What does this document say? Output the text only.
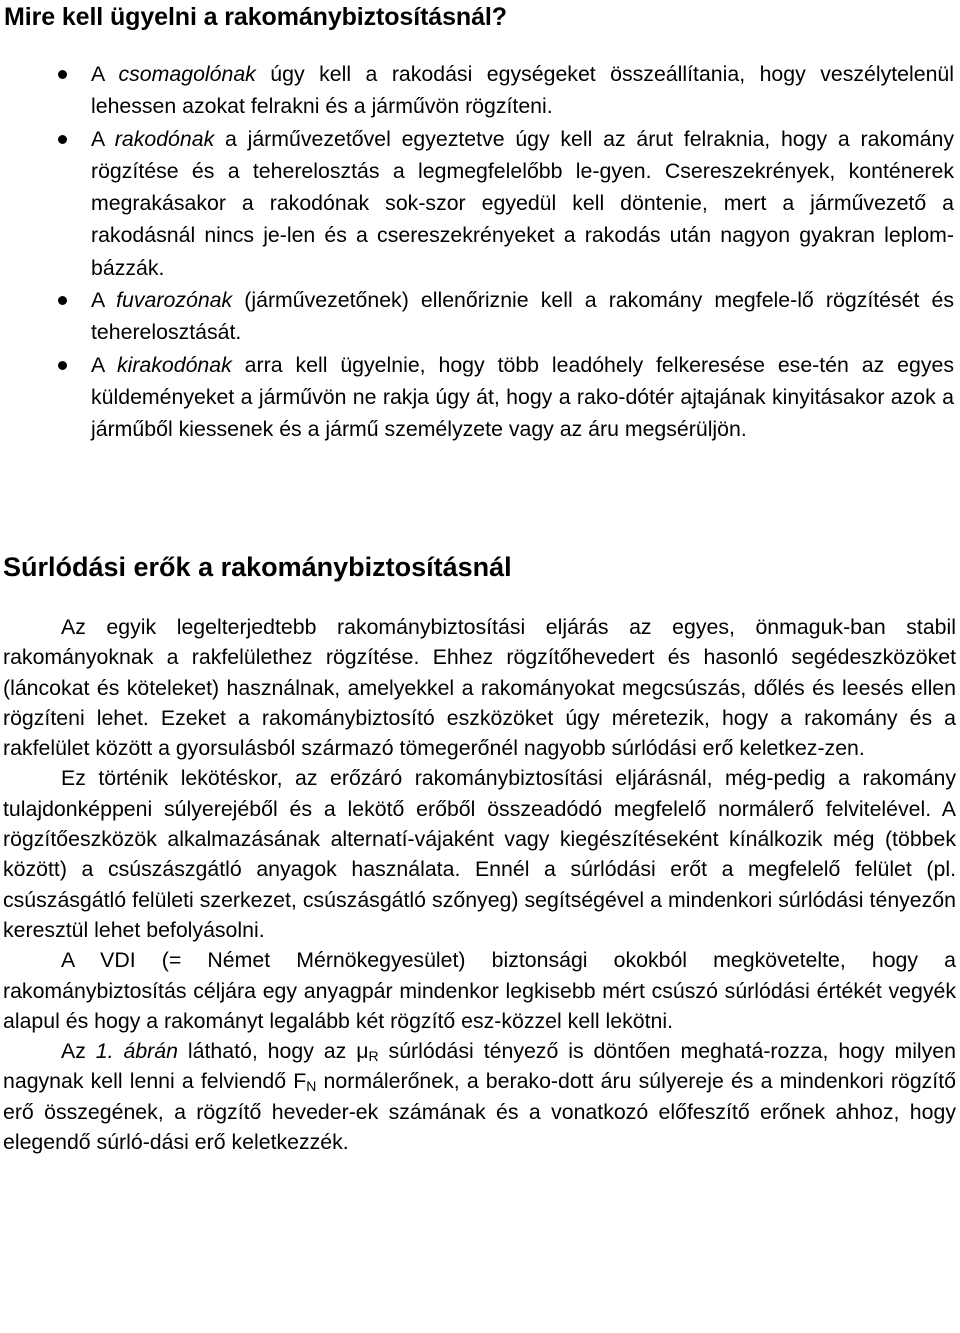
Mire kell ügyelni a rakománybiztosításnál?
A csomagolónak úgy kell a rakodási egységeket összeállítania, hogy veszélytelenül lehessen azokat felrakni és a járművön rögzíteni.
A rakodónak a járművezetővel egyeztetve úgy kell az árut felraknia, hogy a rakomány rögzítése és a teherelosztás a legmegfelelőbb le-gyen. Csereszekrények, konténerek megrakásakor a rakodónak sok-szor egyedül kell döntenie, mert a járművezető a rakodásnál nincs je-len és a csereszekrényeket a rakodás után nagyon gyakran leplom-bázzák.
A fuvarozónak (járművezetőnek) ellenőriznie kell a rakomány megfele-lő rögzítését és teherelosztását.
A kirakodónak arra kell ügyelnie, hogy több leadóhely felkeresése ese-tén az egyes küldeményeket a járművön ne rakja úgy át, hogy a rako-dótér ajtajának kinyitásakor azok a járműből kiessenek és a jármű személyzete vagy az áru megsérüljön.
Súrlódási erők a rakománybiztosításnál

Az egyik legelterjedtebb rakománybiztosítási eljárás az egyes, önmaguk-ban stabil rakományoknak a rakfelülethez rögzítése. Ehhez rögzítőhevedert és hasonló segédeszközöket (láncokat és köteleket) használnak, amelyekkel a rakományokat megcsúszás, dőlés és leesés ellen rögzíteni lehet. Ezeket a rakománybiztosító eszközöket úgy méretezik, hogy a rakomány és a rakfelület között a gyorsulásból származó tömegerőnél nagyobb súrlódási erő keletkez-zen.

Ez történik lekötéskor, az erőzáró rakománybiztosítási eljárásnál, még-pedig a rakomány tulajdonképpeni súlyerejéből és a lekötő erőből összeadódó megfelelő normálerő felvitelével. A rögzítőeszközök alkalmazásának alternatí-vájaként vagy kiegészítéseként kínálkozik még (többek között) a csúszászgátló anyagok használata. Ennél a súrlódási erőt a megfelelő felület (pl. csúszásgátló felületi szerkezet, csúszásgátló szőnyeg) segítségével a mindenkori súrlódási tényezőn keresztül lehet befolyásolni.

A VDI (= Német Mérnökegyesület) biztonsági okokból megkövetelte, hogy a rakománybiztosítás céljára egy anyagpár mindenkor legkisebb mért csúszó súrlódási értékét vegyék alapul és hogy a rakományt legalább két rögzítő esz-közzel kell lekötni.

Az 1. ábrán látható, hogy az $\mu_R$ súrlódási tényező is döntően meghatá-rozza, hogy milyen nagynak kell lenni a felviendő $F_N$ normálerőnek, a berako-dott áru súlyereje és a mindenkori rögzítő erő összegének, a rögzítő heveder-ek számának és a vonatkozó előfeszítő erőnek ahhoz, hogy elegendő súrló-dási erő keletkezzék.
